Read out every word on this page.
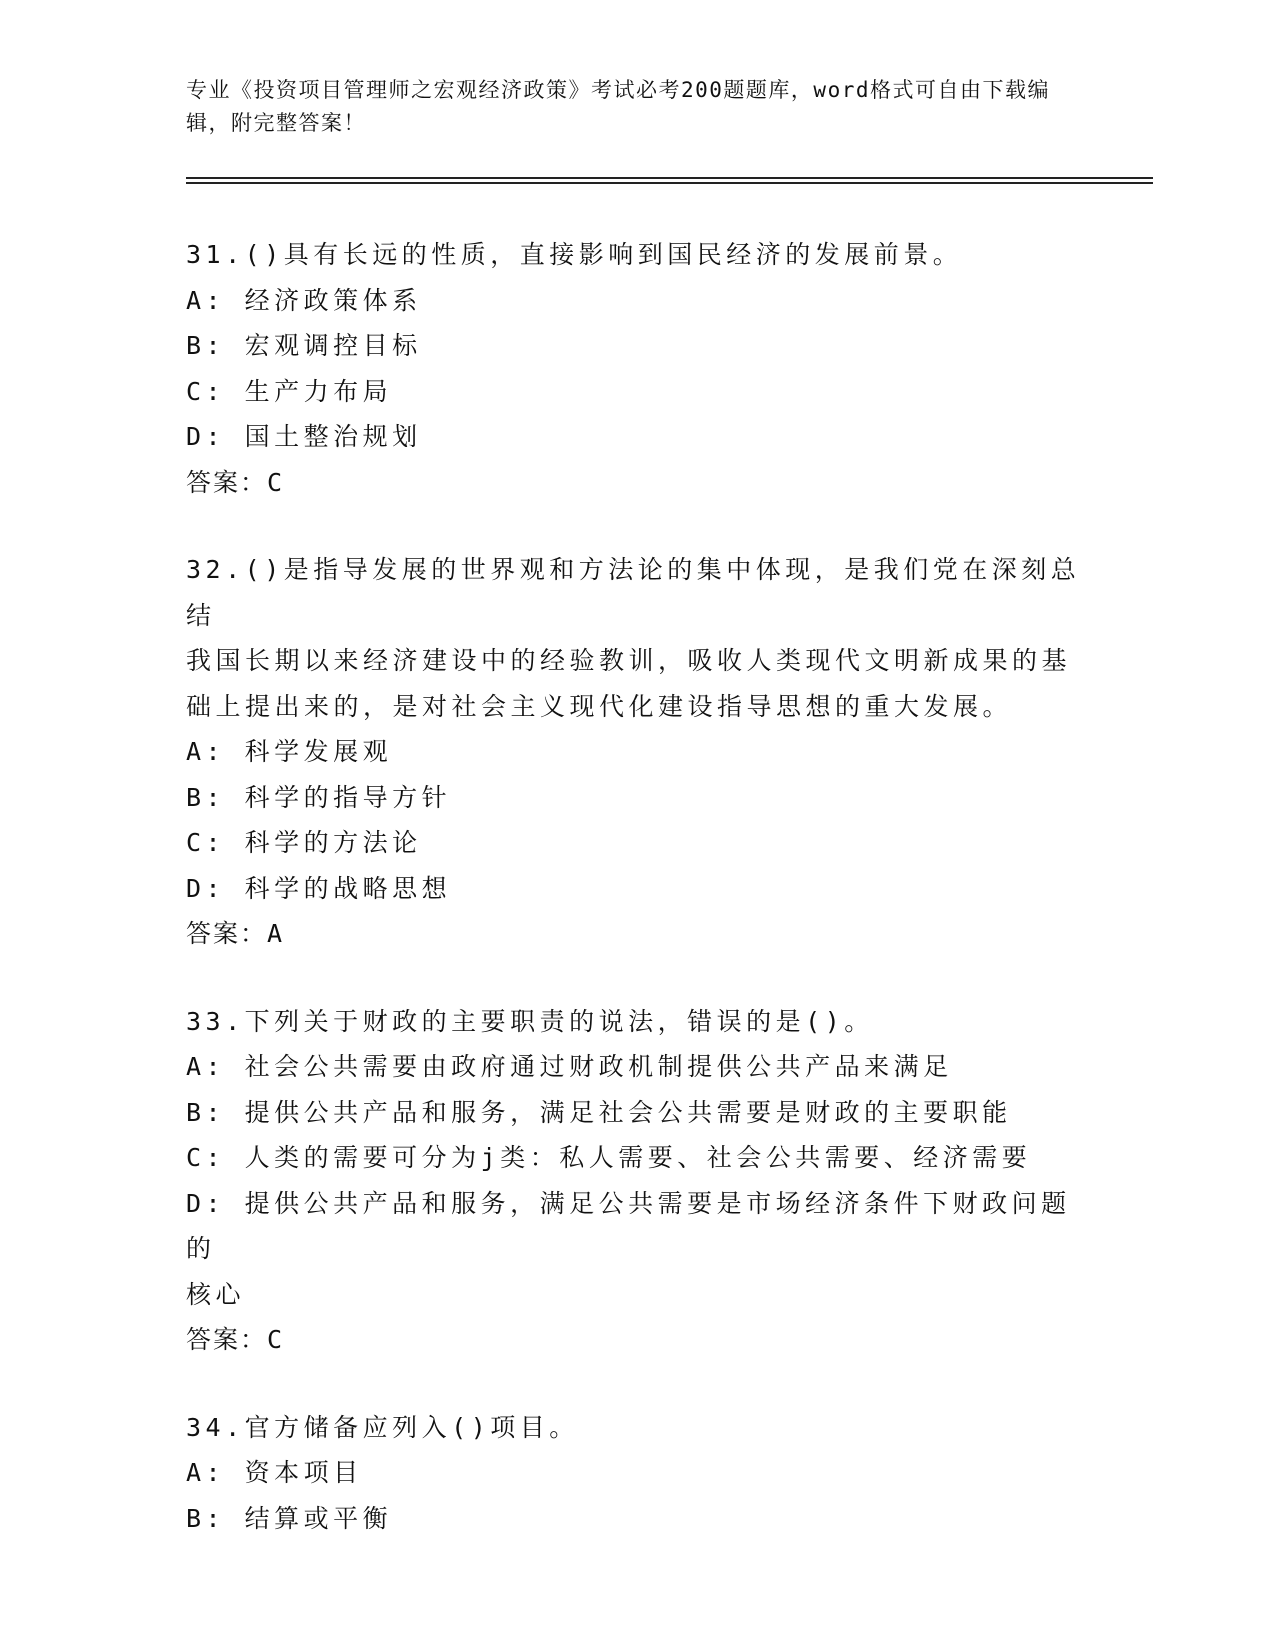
专业《投资项目管理师之宏观经济政策》考试必考200题题库，word格式可自由下载编辑，附完整答案！
31.()具有长远的性质，直接影响到国民经济的发展前景。
A: 经济政策体系
B: 宏观调控目标
C: 生产力布局
D: 国土整治规划
答案：C
32.()是指导发展的世界观和方法论的集中体现，是我们党在深刻总结
我国长期以来经济建设中的经验教训，吸收人类现代文明新成果的基
础上提出来的，是对社会主义现代化建设指导思想的重大发展。
A: 科学发展观
B: 科学的指导方针
C: 科学的方法论
D: 科学的战略思想
答案：A
33.下列关于财政的主要职责的说法，错误的是()。
A: 社会公共需要由政府通过财政机制提供公共产品来满足
B: 提供公共产品和服务，满足社会公共需要是财政的主要职能
C: 人类的需要可分为j类：私人需要、社会公共需要、经济需要
D: 提供公共产品和服务，满足公共需要是市场经济条件下财政问题的
核心
答案：C
34.官方储备应列入()项目。
A: 资本项目
B: 结算或平衡
